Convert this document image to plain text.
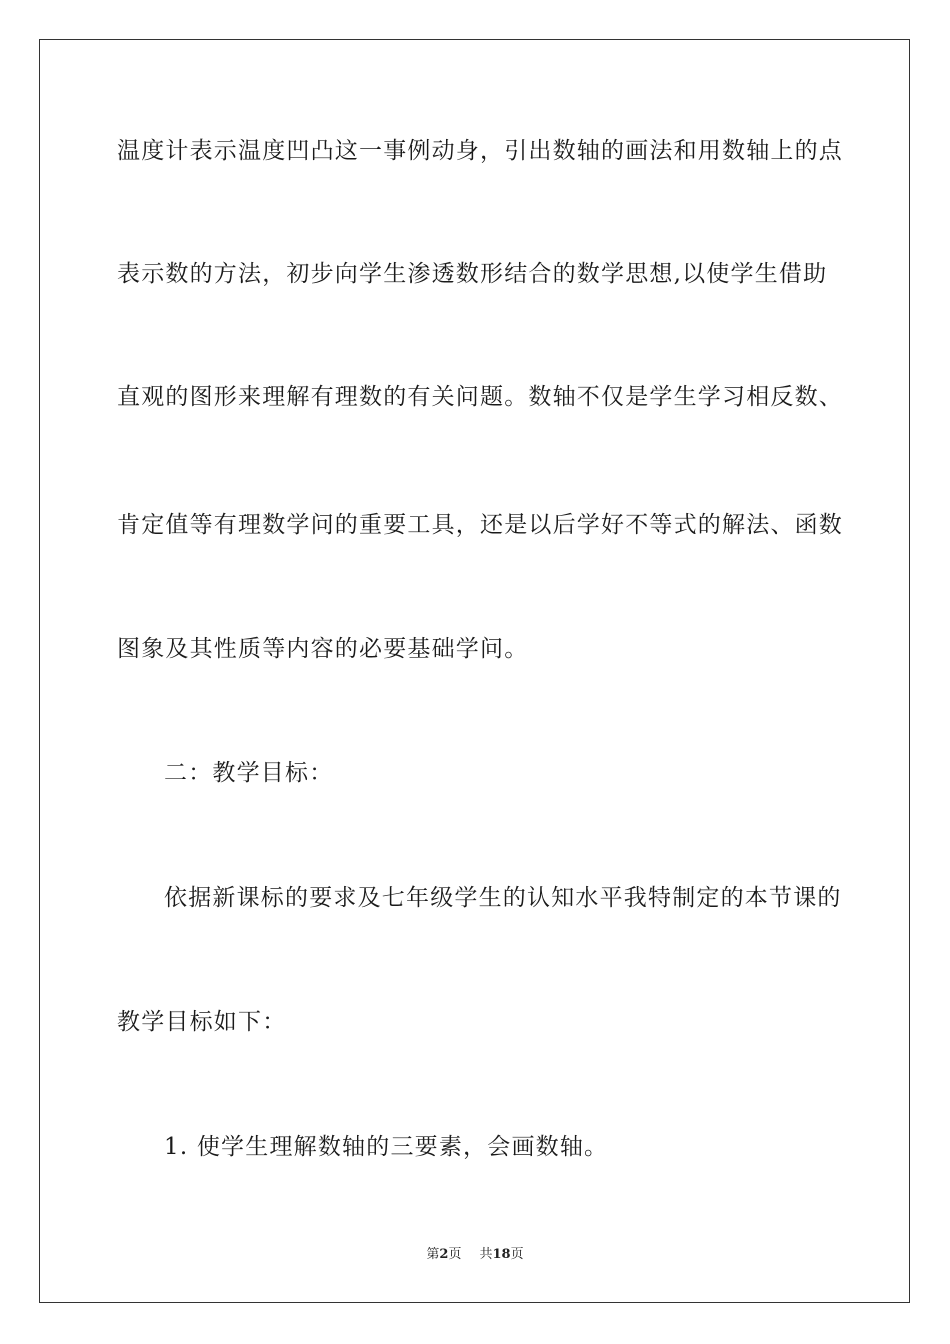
温度计表示温度凹凸这一事例动身，引出数轴的画法和用数轴上的点
表示数的方法，初步向学生渗透数形结合的数学思想,以使学生借助
直观的图形来理解有理数的有关问题。数轴不仅是学生学习相反数、
肯定值等有理数学问的重要工具，还是以后学好不等式的解法、函数
图象及其性质等内容的必要基础学问。
二：教学目标：
依据新课标的要求及七年级学生的认知水平我特制定的本节课的
教学目标如下：
1. 使学生理解数轴的三要素，会画数轴。
第2页 共18页
